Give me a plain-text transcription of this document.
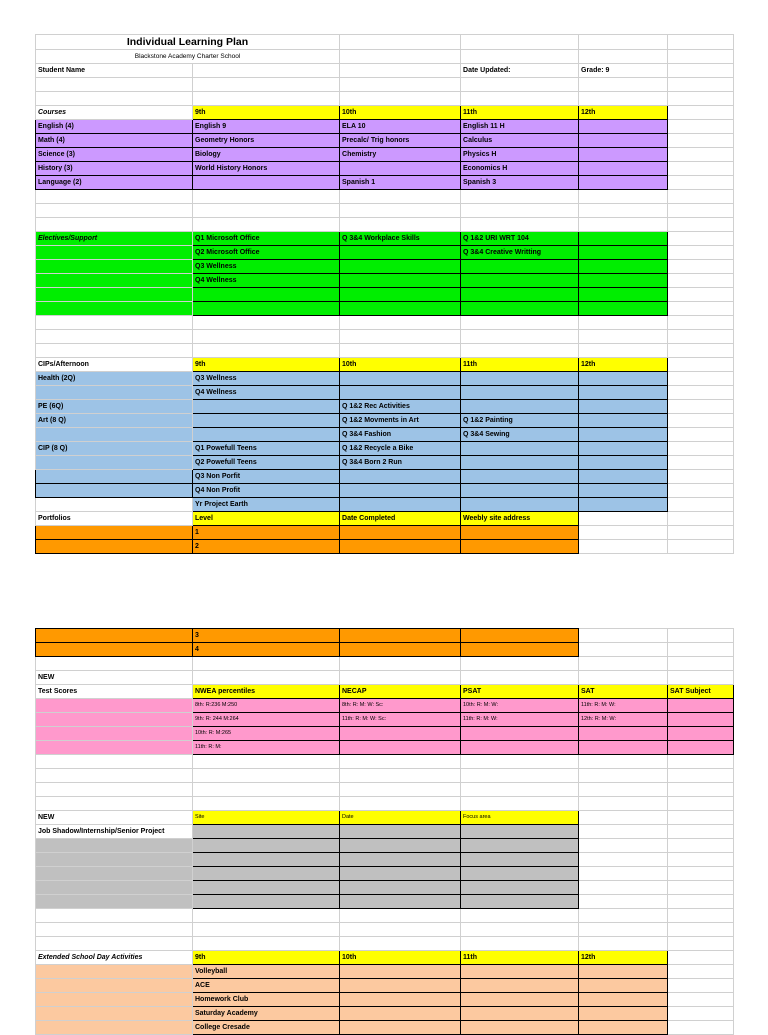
Individual Learning Plan					
Blackstone Academy Charter School					
Student Name			Date Updated:	Grade: 9	

Courses	9th	10th	11th	12th	
English (4)	English 9	ELA 10	English 11 H		
Math (4)	Geometry Honors	Precalc/ Trig honors	Calculus		
Science (3)	Biology	Chemistry	Physics H		
History (3)	World History Honors		Economics H		
Language (2)		Spanish 1	Spanish 3		

Electives/Support	Q1 Microsoft Office	Q 3&4 Workplace Skills	Q 1&2 URI WRT 104		
	Q2 Microsoft Office		Q 3&4 Creative Writting		
	Q3 Wellness				
	Q4 Wellness				

CIPs/Afternoon	9th	10th	11th	12th	
Health (2Q)	Q3 Wellness				
	Q4 Wellness				
PE (6Q)		Q 1&2 Rec Activities			
Art (8 Q)		Q 1&2 Movments in Art	Q 1&2 Painting		
		Q 3&4 Fashion	Q 3&4 Sewing		
CIP (8 Q)	Q1 Powefull Teens	Q 1&2 Recycle a Bike			
	Q2 Powefull Teens	Q 3&4 Born 2 Run			
	Q3 Non Porfit				
	Q4 Non Profit				
	Yr Project Earth				
Portfolios	Level	Date Completed	Weebly site address		
	1				
	2				
	3				
	4				

NEW					
Test Scores	NWEA percentiles	NECAP	PSAT	SAT	SAT Subject
	8th: R:236 M:250	8th: R: M: W: Sc:	10th: R: M: W:	11th: R: M: W:	
	9th: R: 244 M:264	11th: R: M: W: Sc:	11th: R: M: W:	12th: R: M: W:	
	10th: R: M:265				
	11th: R: M:				

NEW	Site	Date	Focus area		
Job Shadow/Internship/Senior Project					

Extended School Day Activities	9th	10th	11th	12th	
	Volleyball				
	ACE				
	Homework Club				
	Saturday Academy				
	College Cresade				
